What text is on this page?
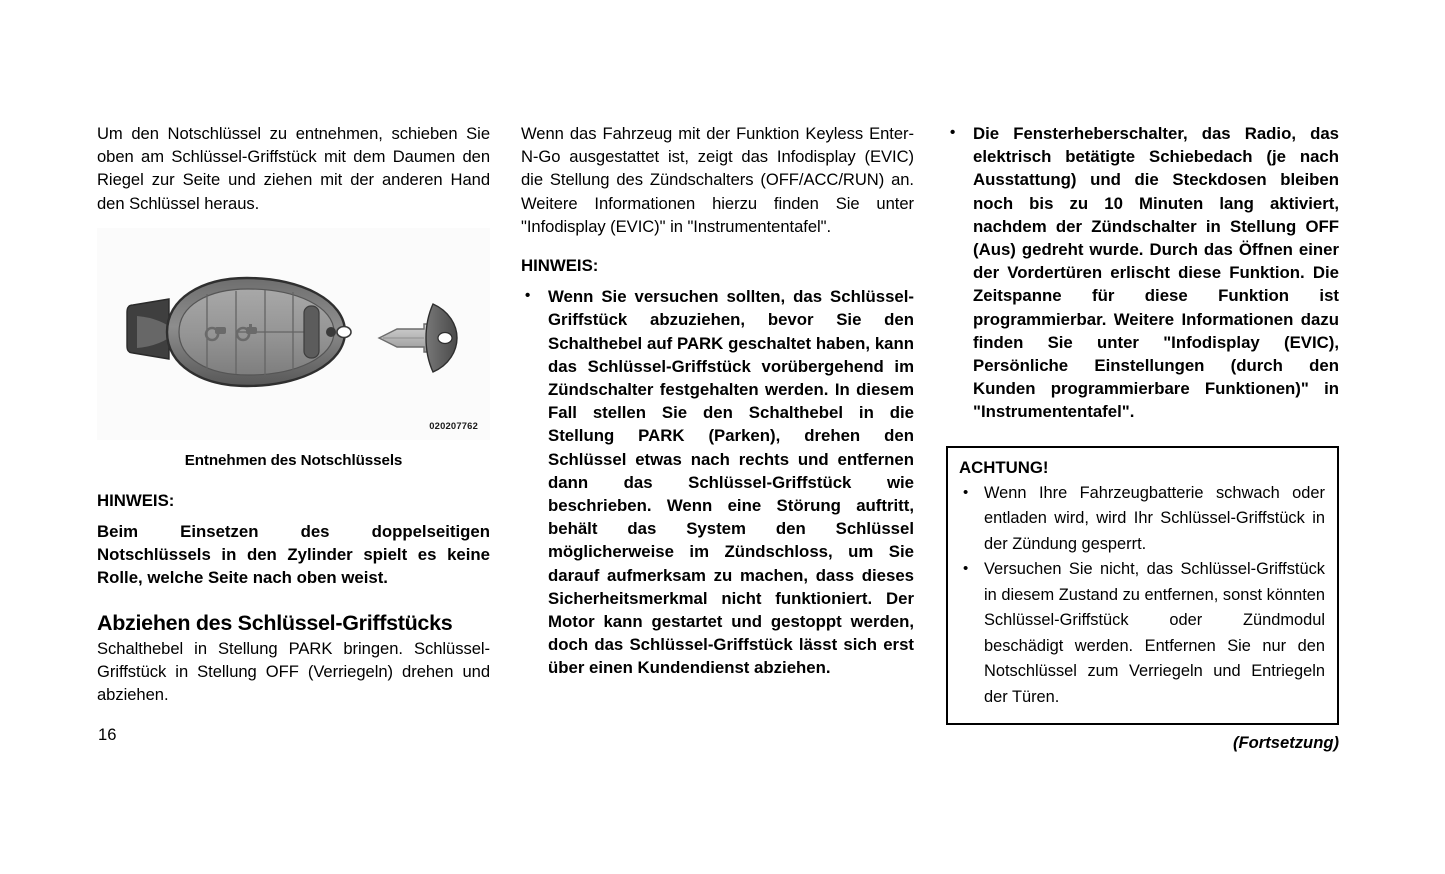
Um den Notschlüssel zu entnehmen, schieben Sie oben am Schlüssel-Griffstück mit dem Daumen den Riegel zur Seite und ziehen mit der anderen Hand den Schlüssel heraus.

020207762
Entnehmen des Notschlüssels

HINWEIS:

Beim Einsetzen des doppelseitigen Notschlüssels in den Zylinder spielt es keine Rolle, welche Seite nach oben weist.

Abziehen des Schlüssel-Griffstücks

Schalthebel in Stellung PARK bringen. Schlüssel-Griffstück in Stellung OFF (Verriegeln) drehen und abziehen.

Wenn das Fahrzeug mit der Funktion Keyless Enter-N-Go ausgestattet ist, zeigt das Infodisplay (EVIC) die Stellung des Zündschalters (OFF/ACC/RUN) an. Weitere Informationen hierzu finden Sie unter "Infodisplay (EVIC)" in "Instrumententafel".

HINWEIS:

• Wenn Sie versuchen sollten, das Schlüssel-Griffstück abzuziehen, bevor Sie den Schalthebel auf PARK geschaltet haben, kann das Schlüssel-Griffstück vorübergehend im Zündschalter festgehalten werden. In diesem Fall stellen Sie den Schalthebel in die Stellung PARK (Parken), drehen den Schlüssel etwas nach rechts und entfernen dann das Schlüssel-Griffstück wie beschrieben. Wenn eine Störung auftritt, behält das System den Schlüssel möglicherweise im Zündschloss, um Sie darauf aufmerksam zu machen, dass dieses Sicherheitsmerkmal nicht funktioniert. Der Motor kann gestartet und gestoppt werden, doch das Schlüssel-Griffstück lässt sich erst über einen Kundendienst abziehen.
• Die Fensterheberschalter, das Radio, das elektrisch betätigte Schiebedach (je nach Ausstattung) und die Steckdosen bleiben noch bis zu 10 Minuten lang aktiviert, nachdem der Zündschalter in Stellung OFF (Aus) gedreht wurde. Durch das Öffnen einer der Vordertüren erlischt diese Funktion. Die Zeitspanne für diese Funktion ist programmierbar. Weitere Informationen dazu finden Sie unter "Infodisplay (EVIC), Persönliche Einstellungen (durch den Kunden programmierbare Funktionen)" in "Instrumententafel".
ACHTUNG!
• Wenn Ihre Fahrzeugbatterie schwach oder entladen wird, wird Ihr Schlüssel-Griffstück in der Zündung gesperrt.
• Versuchen Sie nicht, das Schlüssel-Griffstück in diesem Zustand zu entfernen, sonst könnten Schlüssel-Griffstück oder Zündmodul beschädigt werden. Entfernen Sie nur den Notschlüssel zum Verriegeln und Entriegeln der Türen.
(Fortsetzung)
16
